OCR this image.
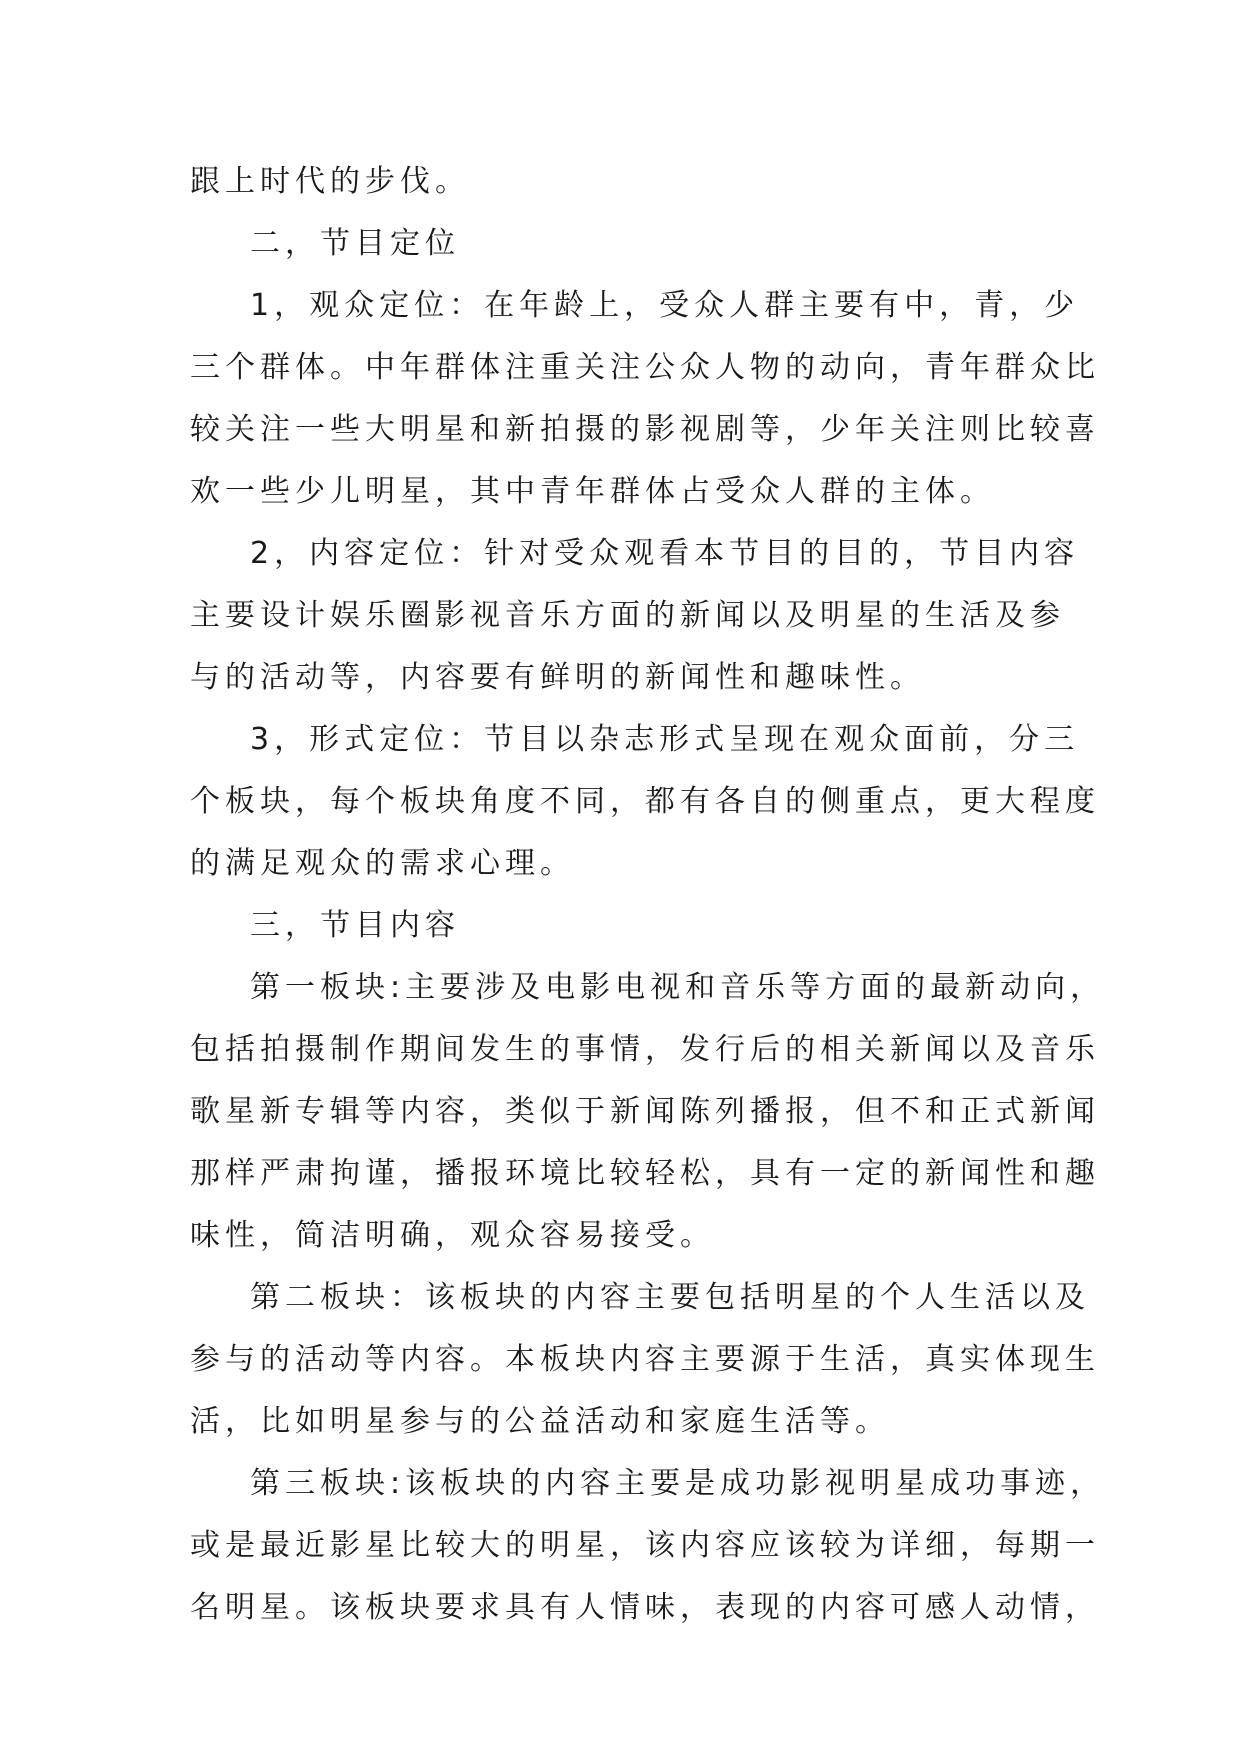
跟上时代的步伐。

二，节目定位

1，观众定位：在年龄上，受众人群主要有中，青，少

三个群体。中年群体注重关注公众人物的动向，青年群众比

较关注一些大明星和新拍摄的影视剧等，少年关注则比较喜

欢一些少儿明星，其中青年群体占受众人群的主体。

2，内容定位：针对受众观看本节目的目的，节目内容

主要设计娱乐圈影视音乐方面的新闻以及明星的生活及参

与的活动等，内容要有鲜明的新闻性和趣味性。

3，形式定位：节目以杂志形式呈现在观众面前，分三

个板块，每个板块角度不同，都有各自的侧重点，更大程度

的满足观众的需求心理。

三，节目内容

第一板块:主要涉及电影电视和音乐等方面的最新动向，

包括拍摄制作期间发生的事情，发行后的相关新闻以及音乐

歌星新专辑等内容，类似于新闻陈列播报，但不和正式新闻

那样严肃拘谨，播报环境比较轻松，具有一定的新闻性和趣

味性，简洁明确，观众容易接受。

第二板块：该板块的内容主要包括明星的个人生活以及

参与的活动等内容。本板块内容主要源于生活，真实体现生

活，比如明星参与的公益活动和家庭生活等。

第三板块:该板块的内容主要是成功影视明星成功事迹，

或是最近影星比较大的明星，该内容应该较为详细，每期一

名明星。该板块要求具有人情味，表现的内容可感人动情，
